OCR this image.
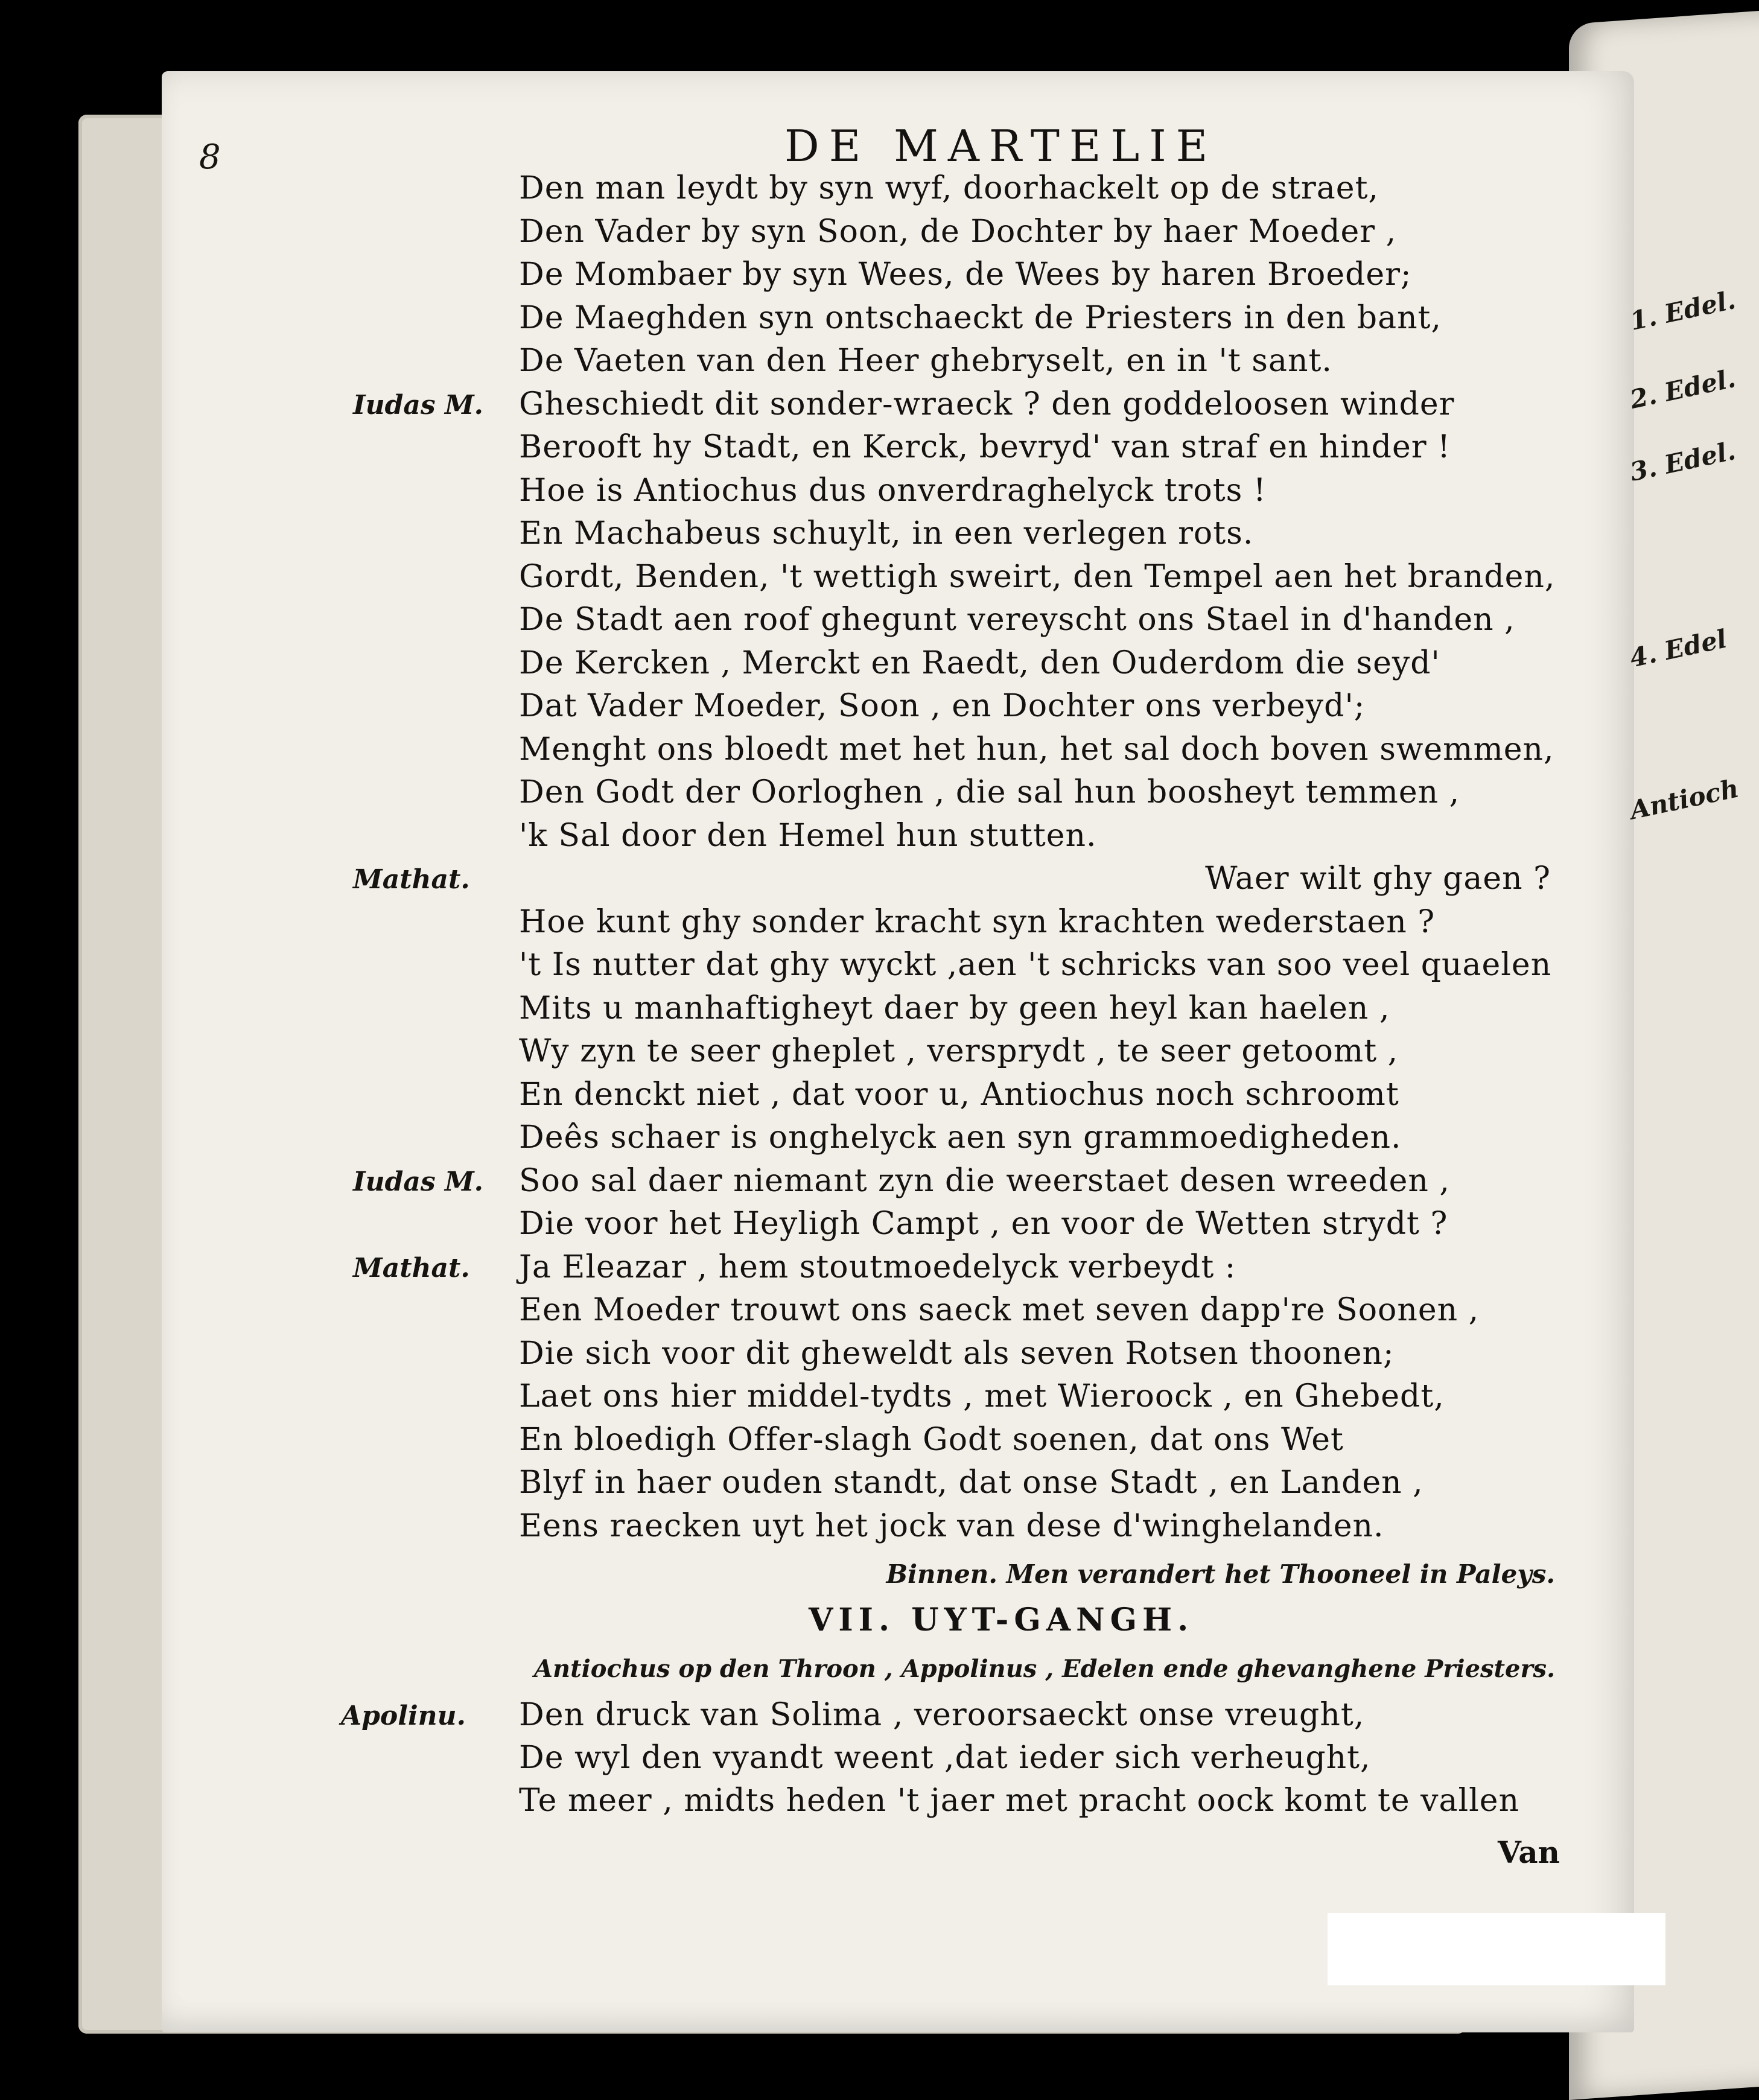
8	DE MARTELIE
Den man leydt by syn wyf, doorhackelt op de straet,
Den Vader by syn Soon, de Dochter by haer Moeder ,
De Mombaer by syn Wees, de Wees by haren Broeder;
De Maeghden syn ontschaeckt de Priesters in den bant,
De Vaeten van den Heer ghebryselt, en in 't sant.
Iudas M. Gheschiedt dit sonder-wraeck ? den goddeloosen winder
Berooft hy Stadt, en Kerck, bevryd' van straf en hinder !
Hoe is Antiochus dus onverdraghelyck trots !
En Machabeus schuylt, in een verlegen rots.
Gordt, Benden, 't wettigh sweirt, den Tempel aen het branden,
De Stadt aen roof ghegunt vereyscht ons Stael in d'handen ,
De Kercken , Merckt en Raedt, den Ouderdom die seyd'
Dat Vader Moeder, Soon , en Dochter ons verbeyd';
Menght ons bloedt met het hun, het sal doch boven swemmen,
Den Godt der Oorloghen , die sal hun boosheyt temmen ,
'k Sal door den Hemel hun stutten.
Mathat.	Waer wilt ghy gaen ?
Hoe kunt ghy sonder kracht syn krachten wederstaen ?
't Is nutter dat ghy wyckt ,aen 't schricks van soo veel quaelen
Mits u manhaftigheyt daer by geen heyl kan haelen ,
Wy zyn te seer gheplet , versprydt , te seer getoomt ,
En denckt niet , dat voor u, Antiochus noch schroomt
Deês schaer is onghelyck aen syn grammoedigheden.
Iudas M. Soo sal daer niemant zyn die weerstaet desen wreeden ,
Die voor het Heyligh Campt , en voor de Wetten strydt ?
Mathat. Ja Eleazar , hem stoutmoedelyck verbeydt :
Een Moeder trouwt ons saeck met seven dapp're Soonen ,
Die sich voor dit gheweldt als seven Rotsen thoonen;
Laet ons hier middel-tydts , met Wieroock , en Ghebedt,
En bloedigh Offer-slagh Godt soenen, dat ons Wet
Blyf in haer ouden standt, dat onse Stadt , en Landen ,
Eens raecken uyt het jock van dese d'winghelanden.
Binnen. Men verandert het Thooneel in Paleys.
VII. UYT-GANGH.
Antiochus op den Throon , Appolinus , Edelen ende ghevanghene Priesters.
Apolinu. Den druck van Solima , veroorsaeckt onse vreught,
De wyl den vyandt weent ,dat ieder sich verheught,
Te meer , midts heden 't jaer met pracht oock komt te vallen
Van
1. Edel.
2. Edel.
3. Edel.
4. Edel
Antioch
